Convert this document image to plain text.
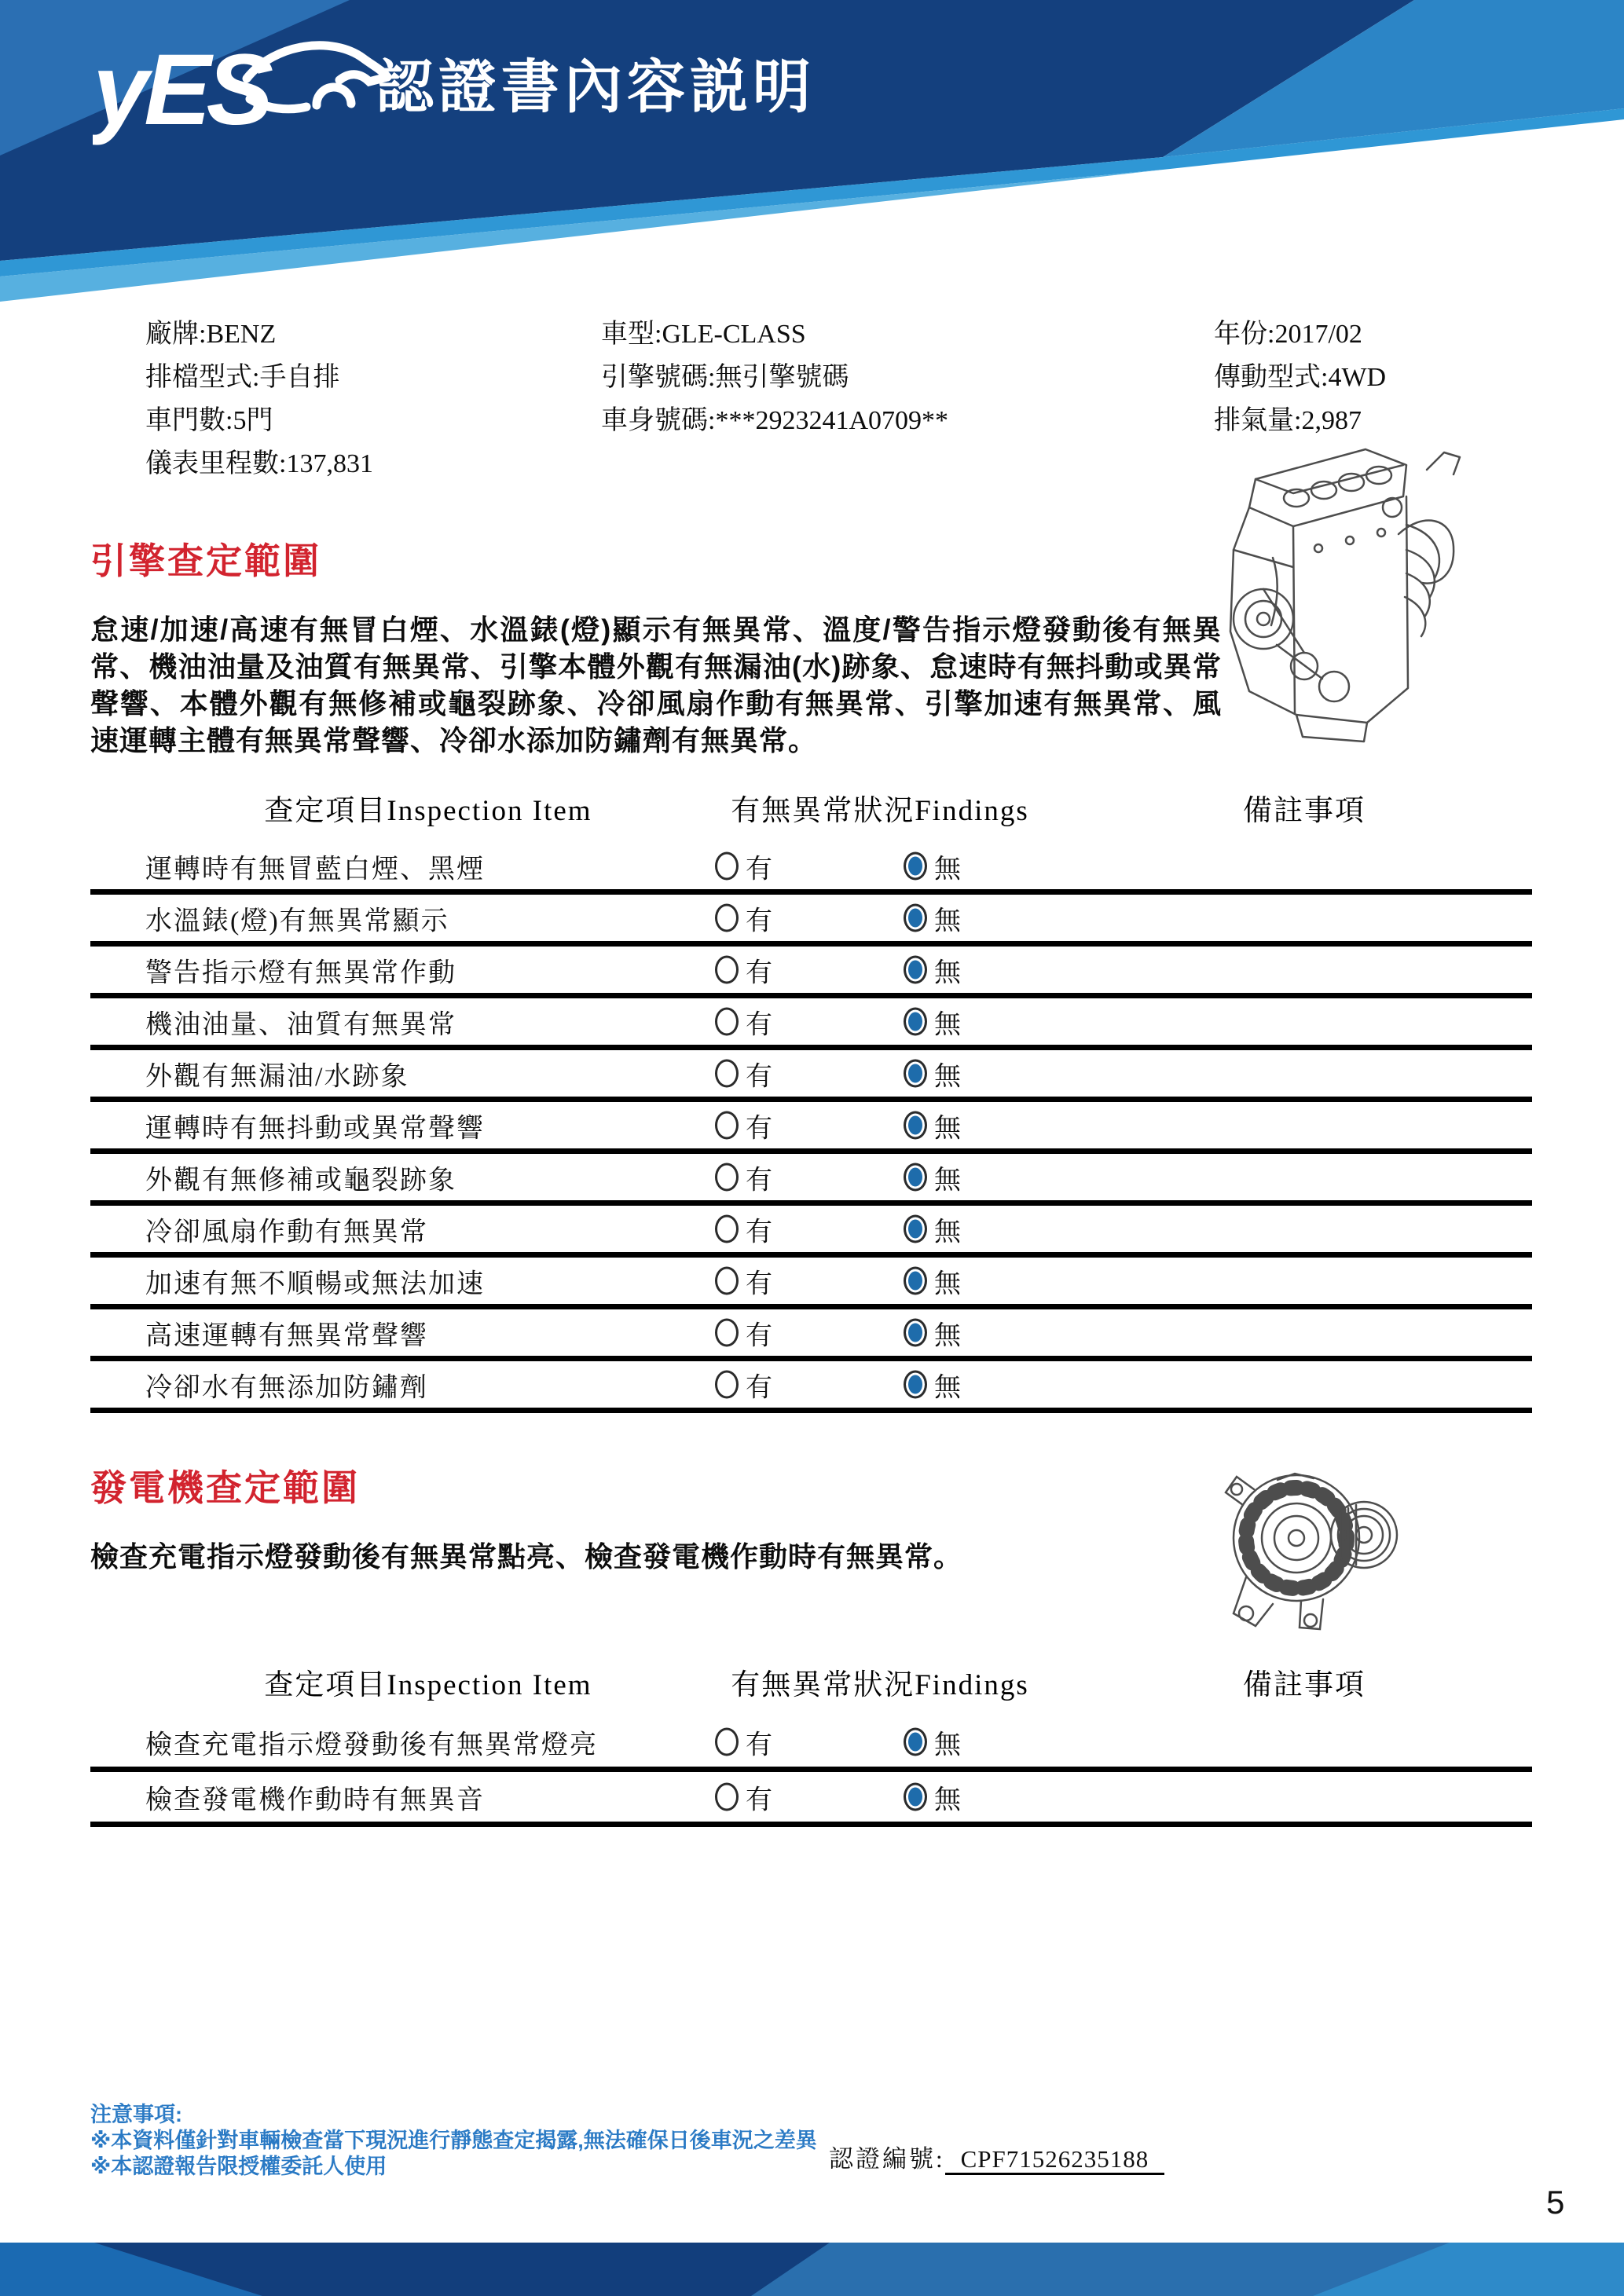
yES 認證書內容説明
廠牌:BENZ
排檔型式:手自排
車門數:5門
儀表里程數:137,831
車型:GLE-CLASS
引擎號碼:無引擎號碼
車身號碼:***2923241A0709**
年份:2017/02
傳動型式:4WD
排氣量:2,987
引擎查定範圍
怠速/加速/高速有無冒白煙、水溫錶(燈)顯示有無異常、溫度/警告指示燈發動後有無異常、機油油量及油質有無異常、引擎本體外觀有無漏油(水)跡象、怠速時有無抖動或異常聲響、本體外觀有無修補或龜裂跡象、冷卻風扇作動有無異常、引擎加速有無異常、風速運轉主體有無異常聲響、冷卻水添加防鏽劑有無異常。
查定項目Inspection Item	有無異常狀況Findings	備註事項
運轉時有無冒藍白煙、黑煙	有	無
水溫錶(燈)有無異常顯示	有	無
警告指示燈有無異常作動	有	無
機油油量、油質有無異常	有	無
外觀有無漏油/水跡象	有	無
運轉時有無抖動或異常聲響	有	無
外觀有無修補或龜裂跡象	有	無
冷卻風扇作動有無異常	有	無
加速有無不順暢或無法加速	有	無
高速運轉有無異常聲響	有	無
冷卻水有無添加防鏽劑	有	無
發電機查定範圍
檢查充電指示燈發動後有無異常點亮、檢查發電機作動時有無異常。
查定項目Inspection Item	有無異常狀況Findings	備註事項
檢查充電指示燈發動後有無異常燈亮	有	無
檢查發電機作動時有無異音	有	無
注意事項:
※本資料僅針對車輛檢查當下現況進行靜態查定揭露,無法確保日後車況之差異
※本認證報告限授權委託人使用	認證編號: CPF71526235188
5
